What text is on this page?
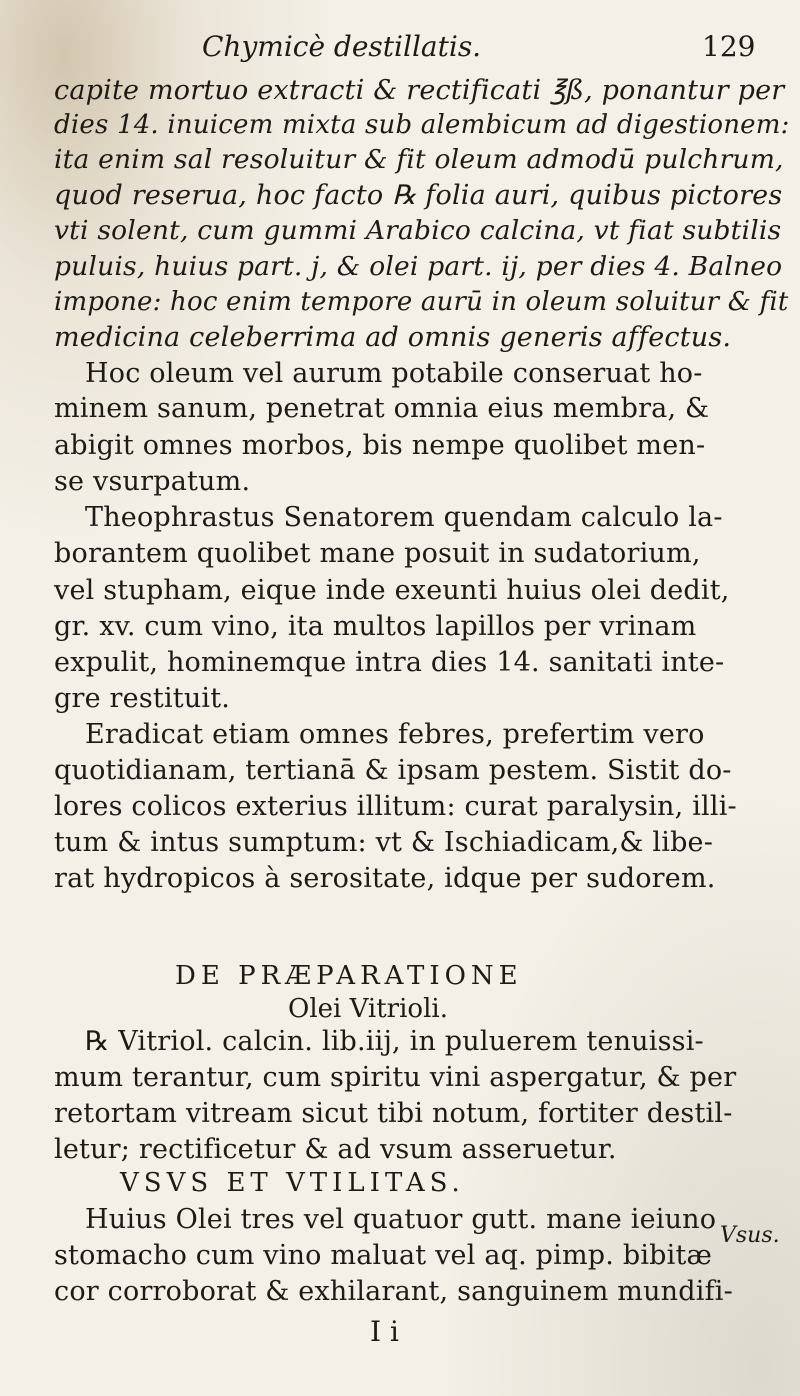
Chymicè destillatis.	129
capite mortuo extracti & rectificati ℥ß, ponantur per
dies 14. inuicem mixta sub alembicum ad digestionem:
ita enim sal resoluitur & fit oleum admodū pulchrum,
quod reserua, hoc facto ℞ folia auri, quibus pictores
vti solent, cum gummi Arabico calcina, vt fiat subtilis
puluis, huius part. j, & olei part. ij, per dies 4. Balneo
impone: hoc enim tempore aurū in oleum soluitur & fit
medicina celeberrima ad omnis generis affectus.
Hoc oleum vel aurum potabile conseruat ho-
minem sanum, penetrat omnia eius membra, &
abigit omnes morbos, bis nempe quolibet men-
se vsurpatum.
Theophrastus Senatorem quendam calculo la-
borantem quolibet mane posuit in sudatorium,
vel stupham, eique inde exeunti huius olei dedit,
gr. xv. cum vino, ita multos lapillos per vrinam
expulit, hominemque intra dies 14. sanitati inte-
gre restituit.
Eradicat etiam omnes febres, prefertim vero
quotidianam, tertianā & ipsam pestem. Sistit do-
lores colicos exterius illitum: curat paralysin, illi-
tum & intus sumptum: vt & Ischiadicam,& libe-
rat hydropicos à serositate, idque per sudorem.
DE PRÆPARATIONE
Olei Vitrioli.
℞ Vitriol. calcin. lib.iij, in puluerem tenuissi-
mum terantur, cum spiritu vini aspergatur, & per
retortam vitream sicut tibi notum, fortiter destil-
letur; rectificetur & ad vsum asseruetur.
VSVS ET VTILITAS.
Huius Olei tres vel quatuor gutt. mane ieiuno
stomacho cum vino maluat vel aq. pimp. bibitæ
cor corroborat & exhilarant, sanguinem mundifi-
Vsus.
I i
